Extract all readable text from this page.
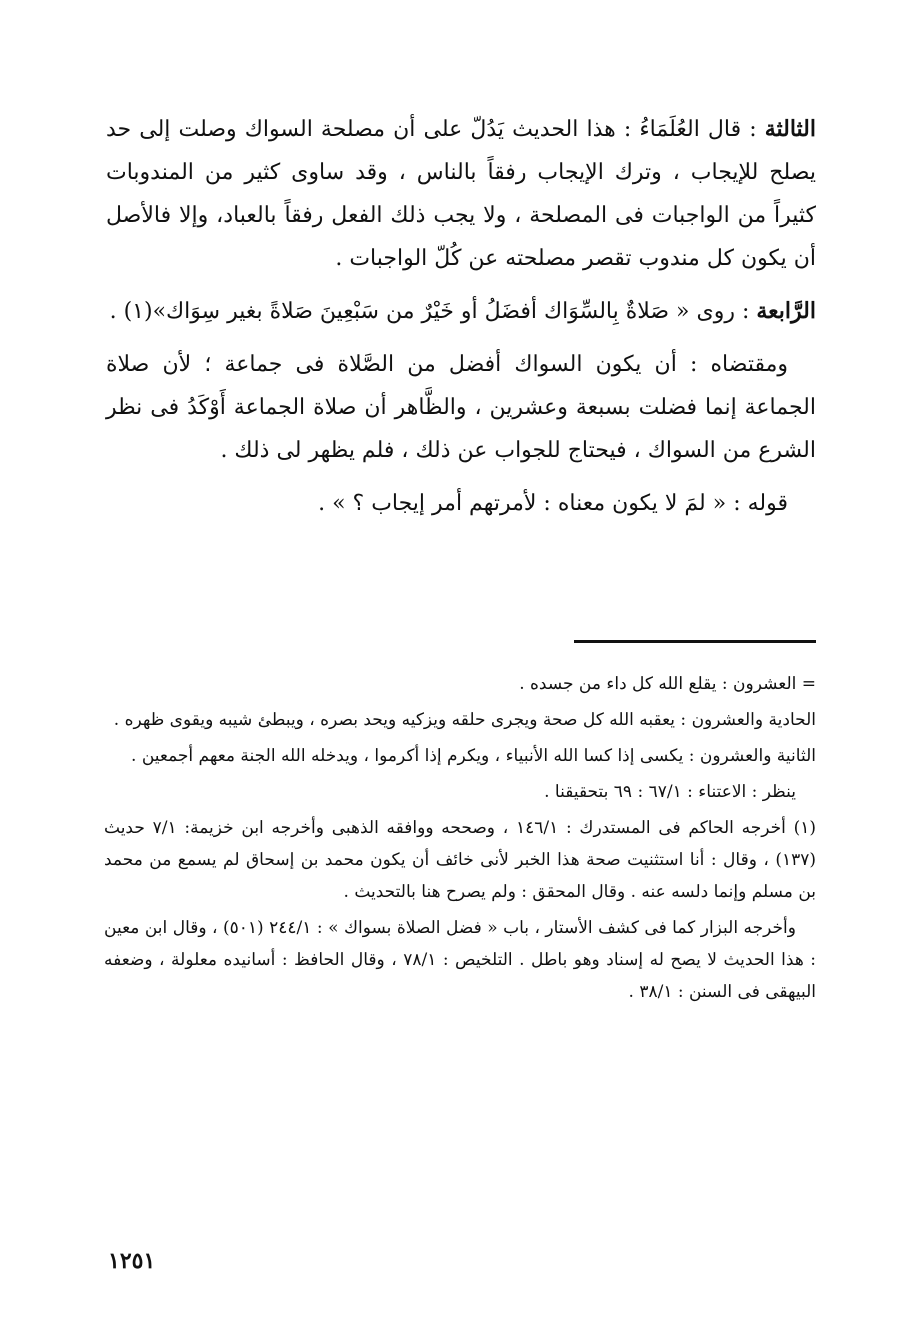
الثالثة : قال العُلَمَاءُ : هذا الحديث يَدُلّ على أن مصلحة السواك وصلت إلى حد يصلح للإيجاب ، وترك الإيجاب رفقاً بالناس ، وقد ساوى كثير من المندوبات كثيراً من الواجبات فى المصلحة ، ولا يجب ذلك الفعل رفقاً بالعباد، وإلا فالأصل أن يكون كل مندوب تقصر مصلحته عن كُلّ الواجبات .

الرَّابعة : روى « صَلاةٌ بِالسِّوَاك أفضَلُ أو خَيْرٌ من سَبْعِينَ صَلاةً بغير سِوَاك»(١) .

ومقتضاه : أن يكون السواك أفضل من الصَّلاة فى جماعة ؛ لأن صلاة الجماعة إنما فضلت بسبعة وعشرين ، والظَّاهر أن صلاة الجماعة أَوْكَدُ فى نظر الشرع من السواك ، فيحتاج للجواب عن ذلك ، فلم يظهر لى ذلك .

قوله : « لمَ لا يكون معناه : لأمرتهم أمر إيجاب ؟ » .

= العشرون : يقلع الله كل داء من جسده .

الحادية والعشرون : يعقبه الله كل صحة ويجرى حلقه ويزكيه ويحد بصره ، ويبطئ شيبه ويقوى ظهره .

الثانية والعشرون : يكسى إذا كسا الله الأنبياء ، ويكرم إذا أكرموا ، ويدخله الله الجنة معهم أجمعين .

ينظر : الاعتناء : ٦٧/١ : ٦٩ بتحقيقنا .

(١) أخرجه الحاكم فى المستدرك : ١٤٦/١ ، وصححه ووافقه الذهبى وأخرجه ابن خزيمة: ٧/١ حديث (١٣٧) ، وقال : أنا استثنيت صحة هذا الخبر لأنى خائف أن يكون محمد بن إسحاق لم يسمع من محمد بن مسلم وإنما دلسه عنه . وقال المحقق : ولم يصرح هنا بالتحديث .

وأخرجه البزار كما فى كشف الأستار ، باب « فضل الصلاة بسواك » : ٢٤٤/١ (٥٠١) ، وقال ابن معين : هذا الحديث لا يصح له إسناد وهو باطل . التلخيص : ٧٨/١ ، وقال الحافظ : أسانيده معلولة ، وضعفه البيهقى فى السنن : ٣٨/١ .

١٢٥١
